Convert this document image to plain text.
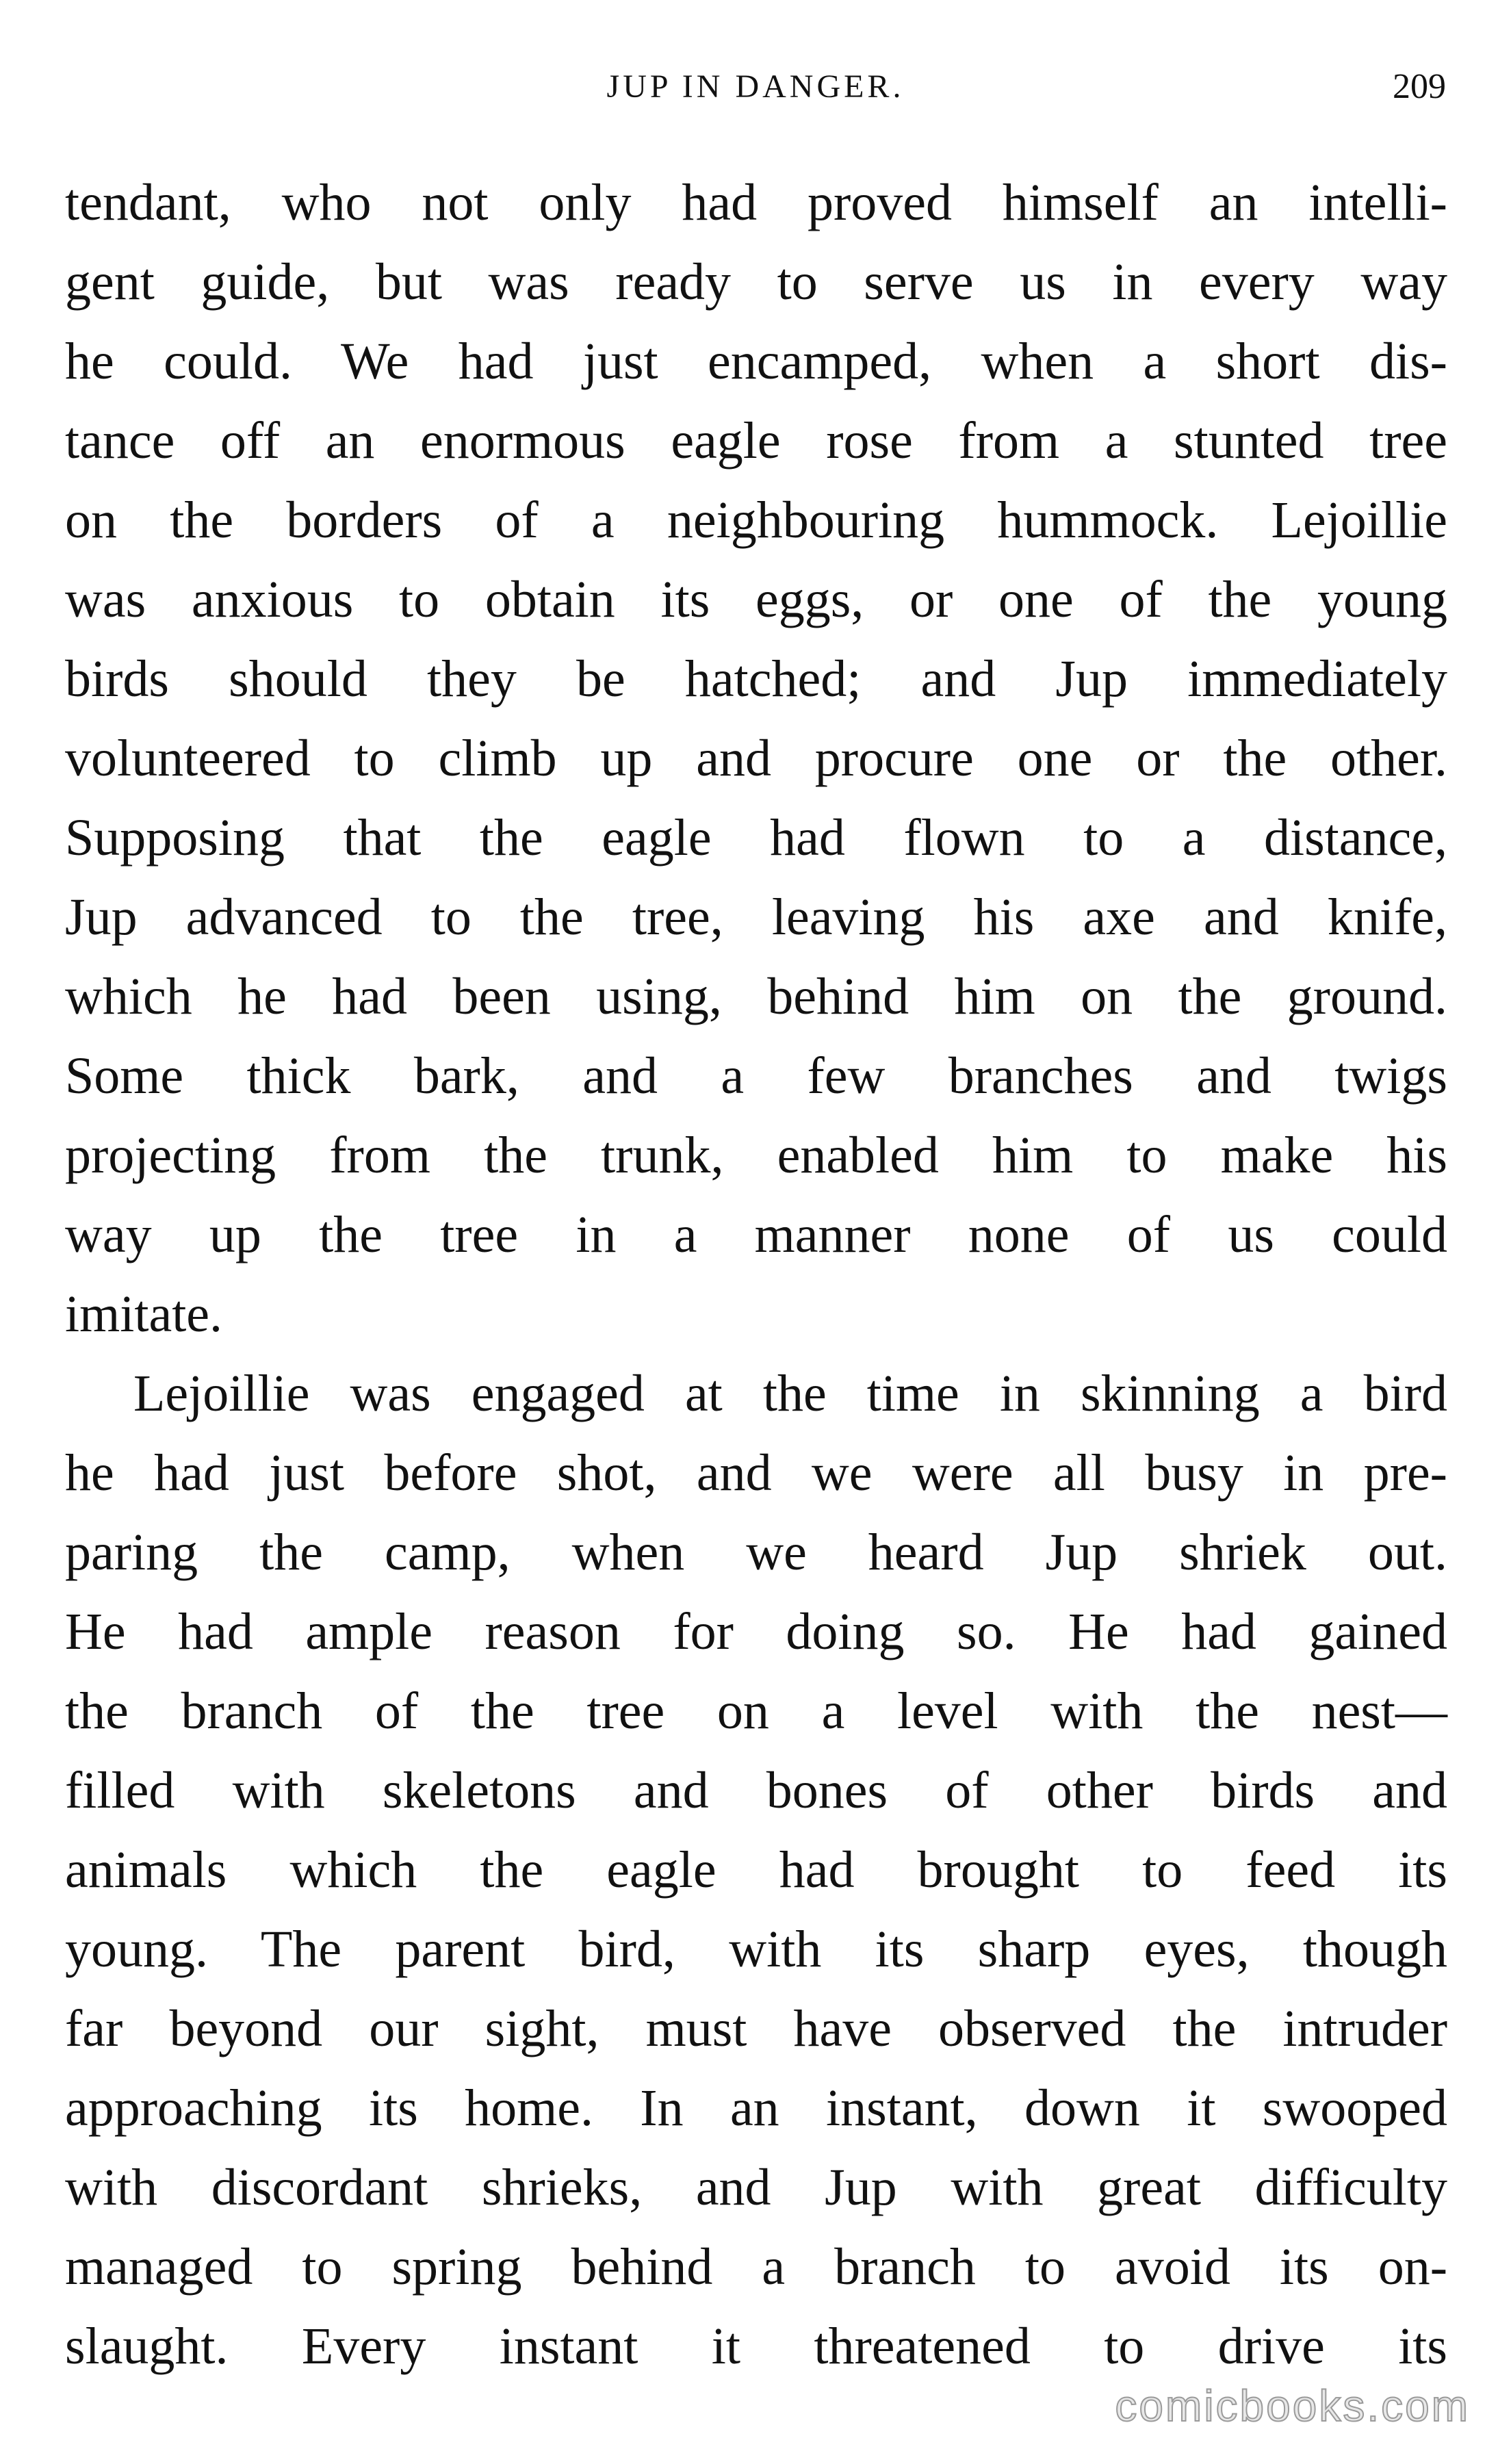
JUP IN DANGER.	209
tendant, who not only had proved himself an intelli-
gent guide, but was ready to serve us in every way
he could. We had just encamped, when a short dis-
tance off an enormous eagle rose from a stunted tree
on the borders of a neighbouring hummock. Lejoillie
was anxious to obtain its eggs, or one of the young
birds should they be hatched; and Jup immediately
volunteered to climb up and procure one or the other.
Supposing that the eagle had flown to a distance,
Jup advanced to the tree, leaving his axe and knife,
which he had been using, behind him on the ground.
Some thick bark, and a few branches and twigs
projecting from the trunk, enabled him to make his
way up the tree in a manner none of us could
imitate.
Lejoillie was engaged at the time in skinning a bird
he had just before shot, and we were all busy in pre-
paring the camp, when we heard Jup shriek out.
He had ample reason for doing so. He had gained
the branch of the tree on a level with the nest—
filled with skeletons and bones of other birds and
animals which the eagle had brought to feed its
young. The parent bird, with its sharp eyes, though
far beyond our sight, must have observed the intruder
approaching its home. In an instant, down it swooped
with discordant shrieks, and Jup with great difficulty
managed to spring behind a branch to avoid its on-
slaught. Every instant it threatened to drive its
comicbooks.com
